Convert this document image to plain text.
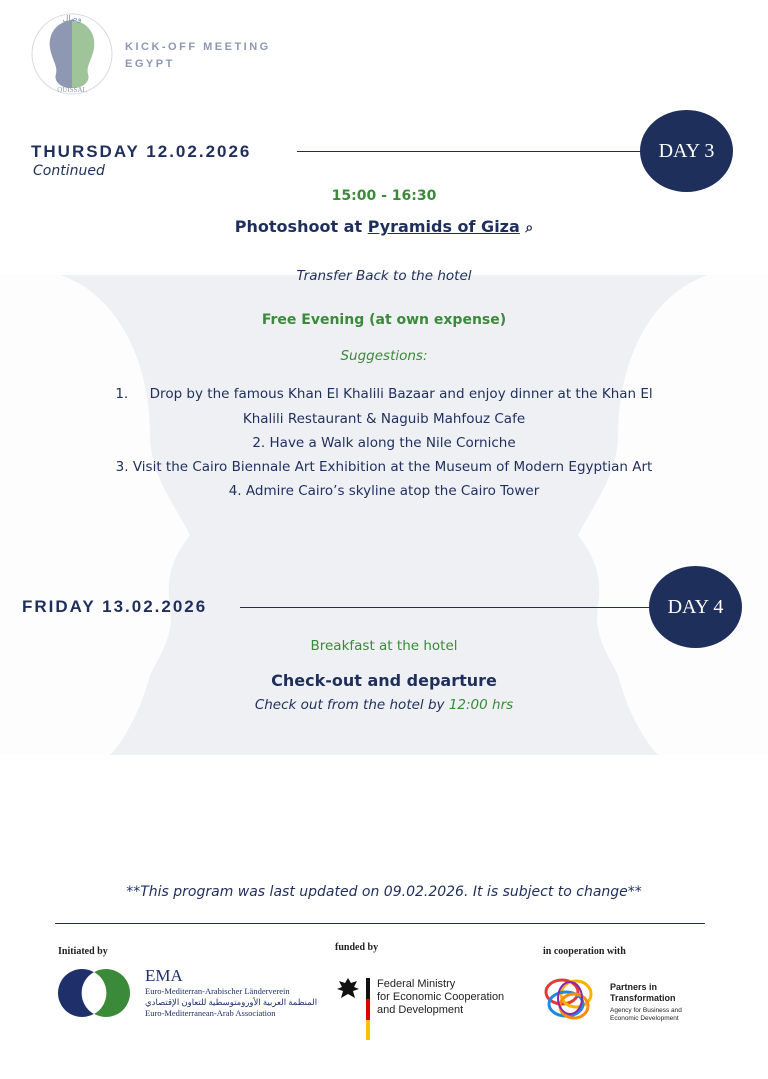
وصال
OUISSAL
KICK-OFF MEETING
EGYPT
THURSDAY 12.02.2026
Continued
DAY 3
15:00 - 16:30
Photoshoot at Pyramids of Giza ⌕
Transfer Back to the hotel
Free Evening (at own expense)
Suggestions:
1.     Drop by the famous Khan El Khalili Bazaar and enjoy dinner at the Khan El
Khalili Restaurant & Naguib Mahfouz Cafe
2. Have a Walk along the Nile Corniche
3. Visit the Cairo Biennale Art Exhibition at the Museum of Modern Egyptian Art
4. Admire Cairo’s skyline atop the Cairo Tower
FRIDAY 13.02.2026	DAY 4
Breakfast at the hotel
Check-out and departure
Check out from the hotel by 12:00 hrs
**This program was last updated on 09.02.2026. It is subject to change**
Initiated by
EMA
Euro-Mediterran-Arabischer Länderverein
المنظمة العربية الأورومتوسطية للتعاون الإقتصادي
Euro-Mediterranean-Arab Association
funded by
Federal Ministry
for Economic Cooperation
and Development
in cooperation with
Partners in
Transformation
Agency for Business and
Economic Development
